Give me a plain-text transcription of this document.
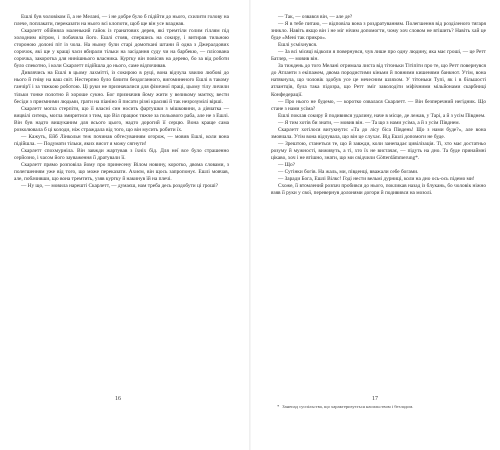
Ешлі був чоловіком її, а не Мелані, — і не добре було б підійти до нього, схилити голову на плече, поплакати, переказати на нього всі клопоти, щоб ще він усе владнав.

Скарлетт обійняла маленький гайок із гранатових дерев, які тремтіли голим гіллям під холодним вітром, і побачила його. Ешлі стояв, спершись на сокиру, і витирав тильною стороною долоні піт із чола. На ньому були старі домоткані штани й одна з Джералдових сорочок, які ще у кращі часи вбирали тільки на засідання суду чи на барбекю, — плісована сорочка, закоротка для нинішнього власника. Куртку він повісив на дерево, бо за від роботи було спекотно, і коли Скарлетт підійшла до нього, саме відпочивав.

Дивлячись на Ешлі в цьому лахмітті, із сокирою в руці, вона відчула хвилю любові до нього й гніву на ваш світ. Нестерпно було бачити бездоганного, вигоминеного Ешлі в такому ганчір'ї і за тяжкою роботою. Ці руки не призначалися для фізичної праці, цьому тілу личили тільки тонке полотно й хороше сукно. Бог призначив йому жити у великому маєтку, вести бесіди з приємними людьми, грати на піаніно й писати різні красиві й так незрозумілі вірші.

Скарлетт могла стерпіти, що її власні син носить фартушки з мішковини, а дівчатка — вицвілі ситець, могла змиритися з тим, що Віл працює тяжче за польового раба, але не з Ешлі. Він був надто вишуканим для всього цього, надто дорогий її серцю. Вона краще сама розколювала б ці колоди, ніж страждала від того, що він мусить робити їх.

— Кажуть, Ейб Лінкольн теж починав обтесуванням огорож, — мовив Ешлі, коли вона підійшла. — Подумати тільки, яких висот я можу сягнути!

Скарлетт спохмурніла. Він завжди жартував з їхніх бід. Для неї все було страшенно серйозно, і часом його зауваження її дратували її.

Скарлетт прямо розповіла йому про принесену Вілом новину, коротко, двома словами, з полегшенням уже від того, що може переказати. Ахиєм, він щось запропонує. Ешлі мовчав, але, побачивши, що вона тремтить, узяв куртку й накинув їй на плечі.

— Ну що, — мовила нарешті Скарлетт, — думаєш, нам треба десь роздобути ці гроші?

16

— Так, — озвався він, — але де?

— Я в тебе питаю, — відповіла вона з роздратуванням. Полегшення від розділеного тягаря зникло. Навіть якщо він і не міг нічим допомогти, чому хоч словом не втішить? Навіть хай це буде «Мені так прикро».

Ешлі усміхнувся.

— За всі місяці відколи я повернувся, чув лише про одну людину, яка має гроші, — це Ретт Батлер, — мовив він.

За тиждень до того Мелані отримала листа від тітоньки Тітіпіти про те, що Ретт повернувся до Атланти з екіпажем, двома породистими кіньми й повними кишенями банкнот. Утім, вона натякнула, що чоловік здобув усе це нечесним шляхом. У тітоньки Тупі, як і в більшості атлантців, була така підозра, що Ретт зміг заволодіти міфічними мільйонами скарбниці Конфедерації.

— Про нього не будемо, — коротко озвалася Скарлетт. — Він безперечний негідник. Що стане з нами усіма?

Ешлі поклав сокиру й подивився удалину, наче в місце, де лежав, у Тарі, а й з усім Півднем.

— Я тим хотів би знати, — мовив він. — Та що з нами усіма, а й з усім Півднем.

Скарлетт хотілося вигукнути: «Та до лісу біса Південь! Що з нами буде?», але вона змовчала. Утім вона відчувала, що він це слухає. Від Ешлі допомоги не буде.

— Зрештою, станеться те, що й завжди, коли занепадає цивілізація. Ті, хто має достатньо розуму й мужності, виживуть, а ті, хто їх не вистачає, — підуть на дно. Та буде принаймні цікаво, хоч і не втішно, знати, що ми свідчили Götterdämmerung*.

— Що?

— Сутінки богів. На жаль, ми, південці, вважали себе богами.

— Заради Бога, Ешлі Вілкс! Годі нести вельмі дурниці, коли на дно ось-ось підемо ми!

Схоже, її втомлений розпач пробився до нього, покликав назад із блукань, бо чоловік ніжно взяв її руки у свої, перевернув долонями догори й подивився на мозолі.

17
* Занепад суспільства, що характеризується насильством і безладом.
